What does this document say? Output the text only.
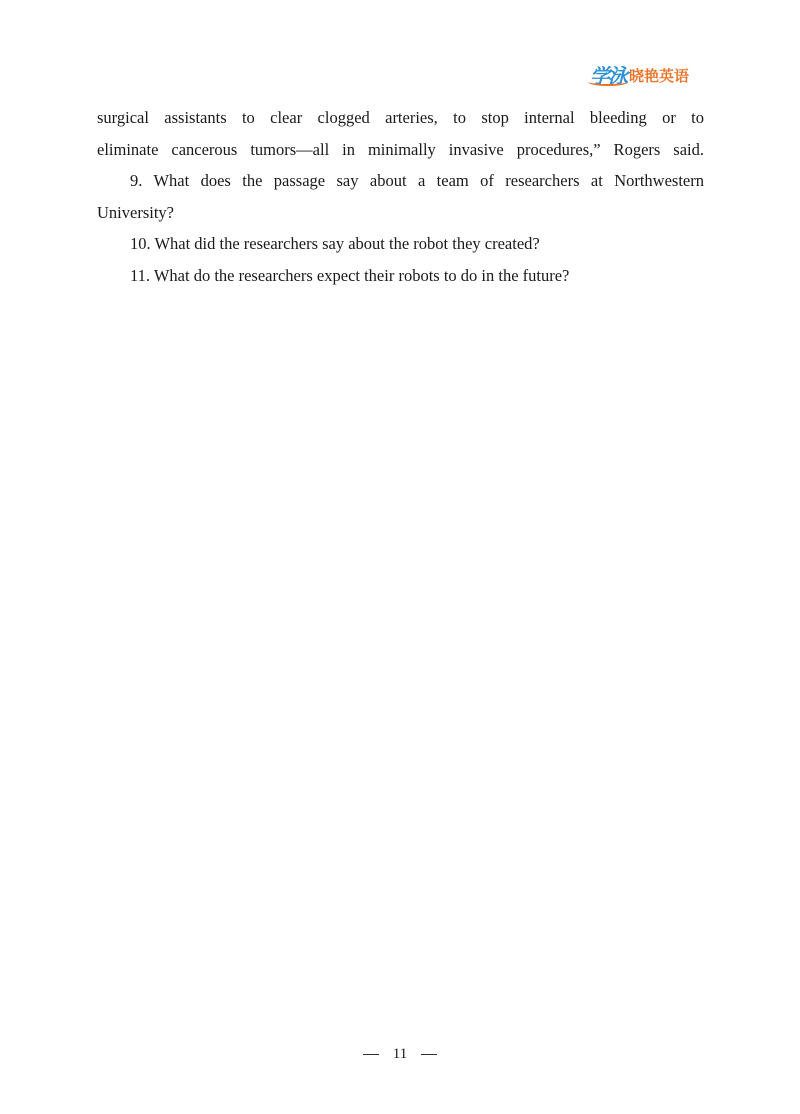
学泳 晓艳英语
surgical assistants to clear clogged arteries, to stop internal bleeding or to
eliminate cancerous tumors—all in minimally invasive procedures,” Rogers said.
9. What does the passage say about a team of researchers at Northwestern
University?
10. What did the researchers say about the robot they created?
11. What do the researchers expect their robots to do in the future?
11
